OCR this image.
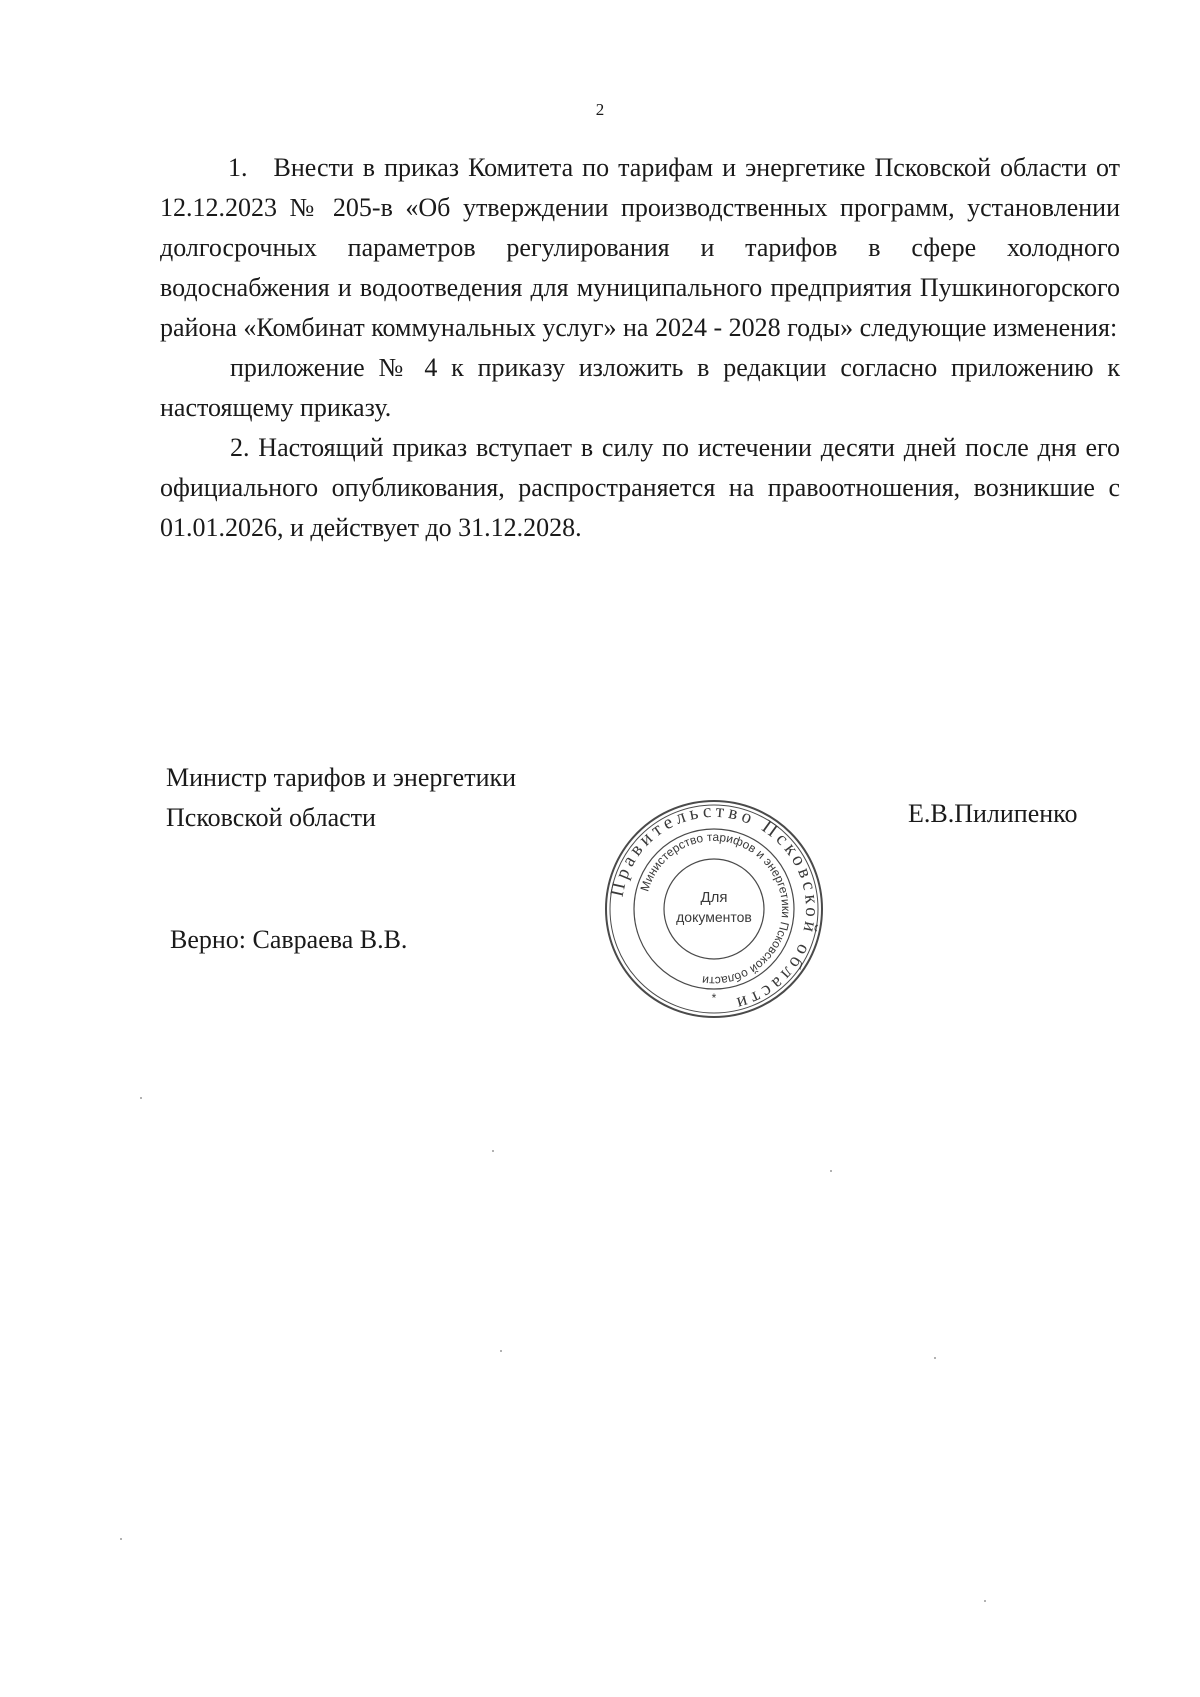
2

1. Внести в приказ Комитета по тарифам и энергетике Псковской области от 12.12.2023 № 205-в «Об утверждении производственных программ, установлении долгосрочных параметров регулирования и тарифов в сфере холодного водоснабжения и водоотведения для муниципального предприятия Пушкиногорского района «Комбинат коммунальных услуг» на 2024 - 2028 годы» следующие изменения:

приложение № 4 к приказу изложить в редакции согласно приложению к настоящему приказу.

2. Настоящий приказ вступает в силу по истечении десяти дней после дня его официального опубликования, распространяется на правоотношения, возникшие с 01.01.2026, и действует до 31.12.2028.

Министр тарифов и энергетики
Псковской области	Е.В.Пилипенко
Верно: Савраева В.В.
Правительство Псковской области
Министерство тарифов и энергетики Псковской области
Для
документов
*
